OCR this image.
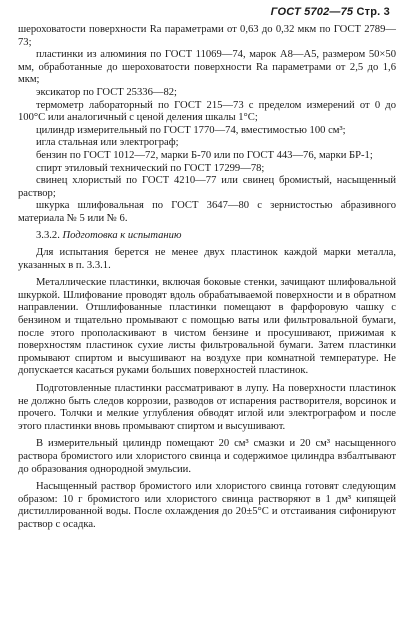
ГОСТ 5702—75 Стр. 3

шероховатости поверхности Ra параметрами от 0,63 до 0,32 мкм по ГОСТ 2789—73;

пластинки из алюминия по ГОСТ 11069—74, марок А8—А5, размером 50×50 мм, обработанные до шероховатости поверхности Ra параметрами от 2,5 до 1,6 мкм;

эксикатор по ГОСТ 25336—82;

термометр лабораторный по ГОСТ 215—73 с пределом измерений от 0 до 100°С или аналогичный с ценой деления шкалы 1°С;

цилиндр измерительный по ГОСТ 1770—74, вместимостью 100 см³;

игла стальная или электрограф;

бензин по ГОСТ 1012—72, марки Б-70 или по ГОСТ 443—76, марки БР-1;

спирт этиловый технический по ГОСТ 17299—78;

свинец хлористый по ГОСТ 4210—77 или свинец бромистый, насыщенный раствор;

шкурка шлифовальная по ГОСТ 3647—80 с зернистостью абразивного материала № 5 или № 6.

3.3.2. Подготовка к испытанию

Для испытания берется не менее двух пластинок каждой марки металла, указанных в п. 3.3.1.

Металлические пластинки, включая боковые стенки, зачищают шлифовальной шкуркой. Шлифование проводят вдоль обрабатываемой поверхности и в обратном направлении. Отшлифованные пластинки помещают в фарфоровую чашку с бензином и тщательно промывают с помощью ваты или фильтровальной бумаги, после этого прополаскивают в чистом бензине и просушивают, прижимая к поверхностям пластинок сухие листы фильтровальной бумаги. Затем пластинки промывают спиртом и высушивают на воздухе при комнатной температуре. Не допускается касаться руками больших поверхностей пластинок.

Подготовленные пластинки рассматривают в лупу. На поверхности пластинок не должно быть следов коррозии, разводов от испарения растворителя, ворсинок и прочего. Толчки и мелкие углубления обводят иглой или электрографом и после этого пластинки вновь промывают спиртом и высушивают.

В измерительный цилиндр помещают 20 см³ смазки и 20 см³ насыщенного раствора бромистого или хлористого свинца и содержимое цилиндра взбалтывают до образования однородной эмульсии.

Насыщенный раствор бромистого или хлористого свинца готовят следующим образом: 10 г бромистого или хлористого свинца растворяют в 1 дм³ кипящей дистиллированной воды. После охлаждения до 20±5°С и отстаивания сифонируют раствор с осадка.
